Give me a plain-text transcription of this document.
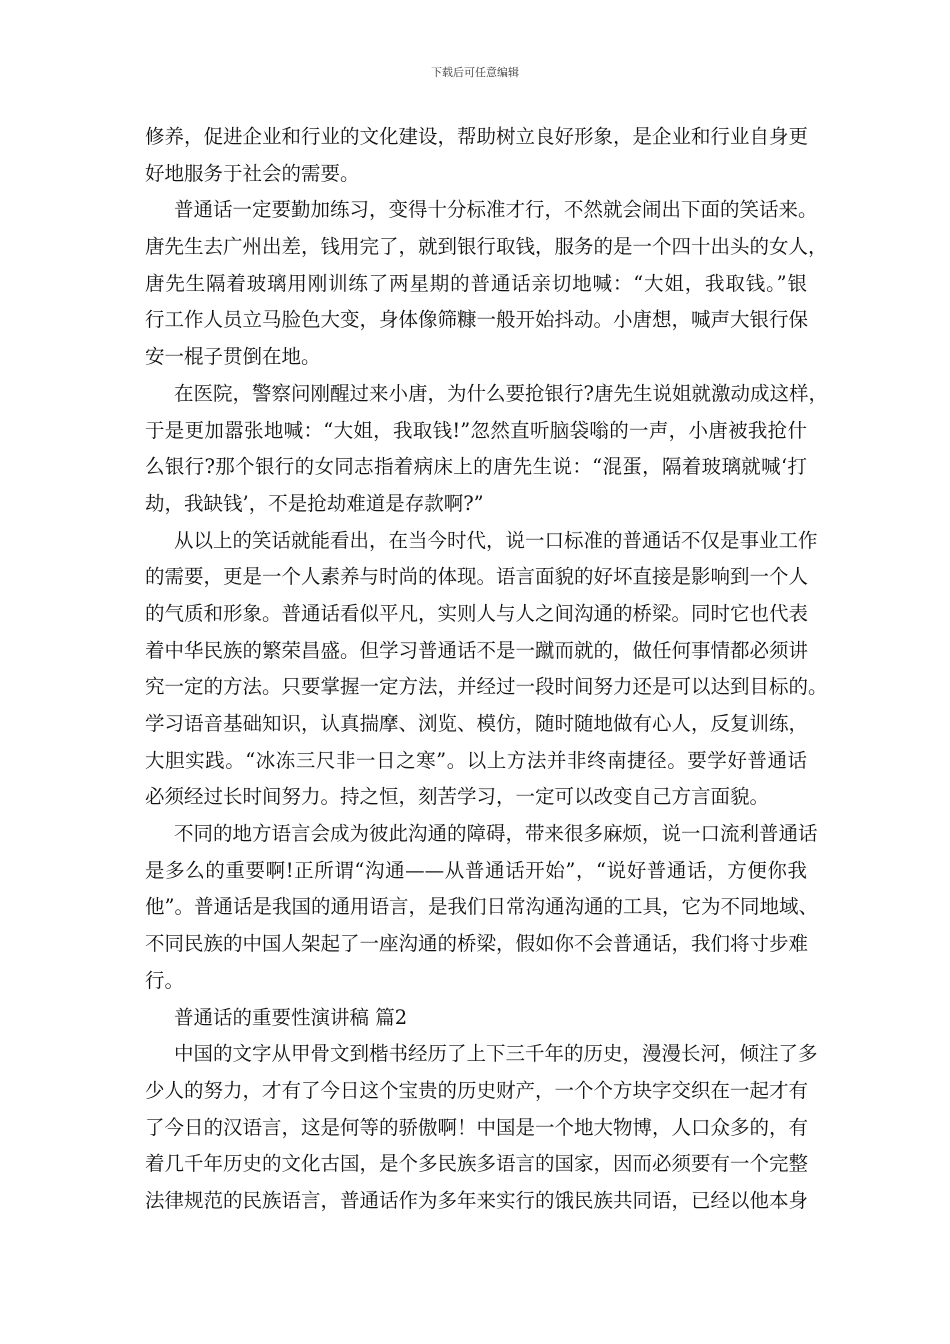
下载后可任意编辑
修养，促进企业和行业的文化建设，帮助树立良好形象，是企业和行业自身更
好地服务于社会的需要。
普通话一定要勤加练习，变得十分标准才行，不然就会闹出下面的笑话来。
唐先生去广州出差，钱用完了，就到银行取钱，服务的是一个四十出头的女人，
唐先生隔着玻璃用刚训练了两星期的普通话亲切地喊：“大姐，我取钱。”银
行工作人员立马脸色大变，身体像筛糠一般开始抖动。小唐想，喊声大银行保
安一棍子贯倒在地。
在医院，警察问刚醒过来小唐，为什么要抢银行?唐先生说姐就激动成这样，
于是更加嚣张地喊：“大姐，我取钱!”忽然直听脑袋嗡的一声，小唐被我抢什
么银行?那个银行的女同志指着病床上的唐先生说：“混蛋，隔着玻璃就喊‘打
劫，我缺钱’，不是抢劫难道是存款啊?”
从以上的笑话就能看出，在当今时代，说一口标准的普通话不仅是事业工作
的需要，更是一个人素养与时尚的体现。语言面貌的好坏直接是影响到一个人
的气质和形象。普通话看似平凡，实则人与人之间沟通的桥梁。同时它也代表
着中华民族的繁荣昌盛。但学习普通话不是一蹴而就的，做任何事情都必须讲
究一定的方法。只要掌握一定方法，并经过一段时间努力还是可以达到目标的。
学习语音基础知识，认真揣摩、浏览、模仿，随时随地做有心人，反复训练，
大胆实践。“冰冻三尺非一日之寒”。以上方法并非终南捷径。要学好普通话
必须经过长时间努力。持之恒，刻苦学习，一定可以改变自己方言面貌。
不同的地方语言会成为彼此沟通的障碍，带来很多麻烦，说一口流利普通话
是多么的重要啊!正所谓“沟通——从普通话开始”，“说好普通话，方便你我
他”。普通话是我国的通用语言，是我们日常沟通沟通的工具，它为不同地域、
不同民族的中国人架起了一座沟通的桥梁，假如你不会普通话，我们将寸步难
行。
普通话的重要性演讲稿 篇2
中国的文字从甲骨文到楷书经历了上下三千年的历史，漫漫长河，倾注了多
少人的努力，才有了今日这个宝贵的历史财产，一个个方块字交织在一起才有
了今日的汉语言，这是何等的骄傲啊！中国是一个地大物博，人口众多的，有
着几千年历史的文化古国，是个多民族多语言的国家，因而必须要有一个完整
法律规范的民族语言，普通话作为多年来实行的饿民族共同语，已经以他本身
